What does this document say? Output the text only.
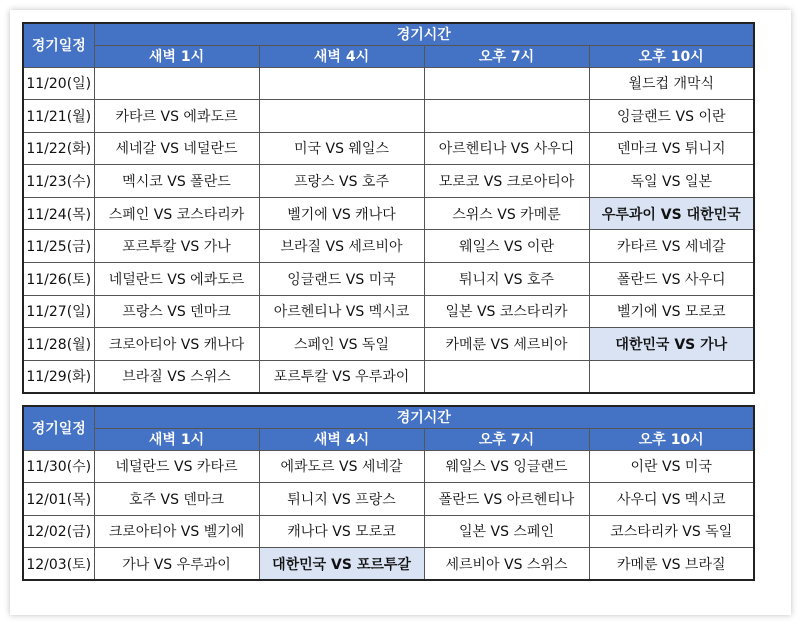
경기일정	경기시간			
	새벽 1시	새벽 4시	오후 7시	오후 10시
11/20(일)				월드컵 개막식
11/21(월)	카타르 VS 에콰도르			잉글랜드 VS 이란
11/22(화)	세네갈 VS 네덜란드	미국 VS 웨일스	아르헨티나 VS 사우디	덴마크 VS 튀니지
11/23(수)	멕시코 VS 폴란드	프랑스 VS 호주	모로코 VS 크로아티아	독일 VS 일본
11/24(목)	스페인 VS 코스타리카	벨기에 VS 캐나다	스위스 VS 카메룬	우루과이 VS 대한민국
11/25(금)	포르투칼 VS 가나	브라질 VS 세르비아	웨일스 VS 이란	카타르 VS 세네갈
11/26(토)	네덜란드 VS 에콰도르	잉글랜드 VS 미국	튀니지 VS 호주	폴란드 VS 사우디
11/27(일)	프랑스 VS 덴마크	아르헨티나 VS 멕시코	일본 VS 코스타리카	벨기에 VS 모로코
11/28(월)	크로아티아 VS 캐나다	스페인 VS 독일	카메룬 VS 세르비아	대한민국 VS 가나
11/29(화)	브라질 VS 스위스	포르투칼 VS 우루과이		
경기일정	경기시간			
	새벽 1시	새벽 4시	오후 7시	오후 10시
11/30(수)	네덜란드 VS 카타르	에콰도르 VS 세네갈	웨일스 VS 잉글랜드	이란 VS 미국
12/01(목)	호주 VS 덴마크	튀니지 VS 프랑스	폴란드 VS 아르헨티나	사우디 VS 멕시코
12/02(금)	크로아티아 VS 벨기에	캐나다 VS 모로코	일본 VS 스페인	코스타리카 VS 독일
12/03(토)	가나 VS 우루과이	대한민국 VS 포르투갈	세르비아 VS 스위스	카메룬 VS 브라질
